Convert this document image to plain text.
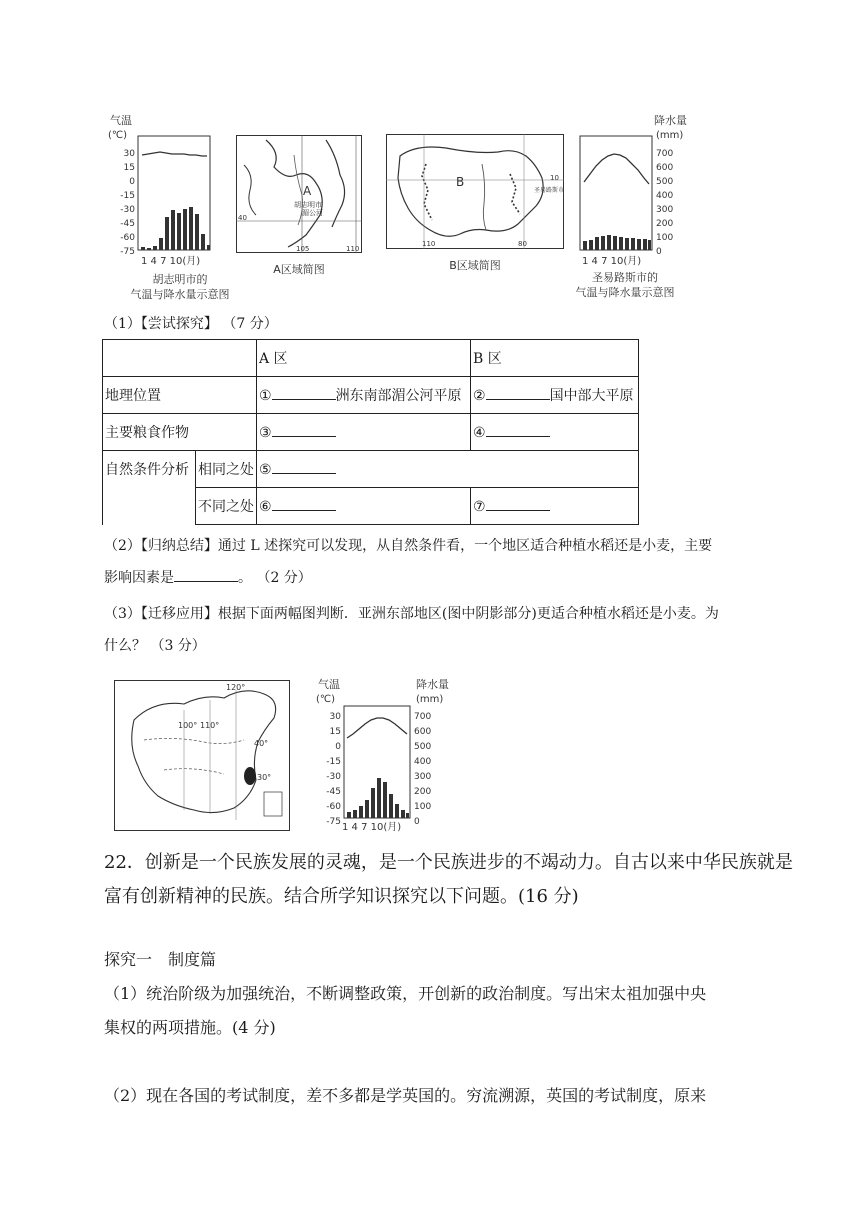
气温
(℃)
30
15
0
-15
-30
-45
-60
-75
1 4 7 10(月)
胡志明市的
气温与降水量示意图
A
胡志明市
湄公河
40
105	110
A区域简图
B
圣易路斯市
10
110	80
B区域简图
降水量
(mm)
700
600
500
400
300
200
100
0
1 4 7 10(月)
圣易路斯市的
气温与降水量示意图
（1）【尝试探究】 （7 分）
		A 区	B 区
地理位置		① 洲东南部湄公河平原	② 国中部大平原
主要粮食作物		③	④
自然条件分析	相同之处	⑤	
	不同之处	⑥	⑦
（2）【归纳总结】通过 L 述探究可以发现，从自然条件看，一个地区适合种植水稻还是小麦，主要
影响因素是	。 （2 分）
（3）【迁移应用】根据下面两幅图判断．亚洲东部地区(图中阴影部分)更适合种植水稻还是小麦。为
什么？ （3 分）
120°
100° 110°
40°
30°
气温
(℃)
降水量
(mm)
30
15
0
-15
-30
-45
-60
-75
700
600
500
400
300
200
100
0
1 4 7 10(月)
22．创新是一个民族发展的灵魂，是一个民族进步的不竭动力。自古以来中华民族就是
富有创新精神的民族。结合所学知识探究以下问题。(16 分)
探究一　制度篇
（1）统治阶级为加强统治，不断调整政策，开创新的政治制度。写出宋太祖加强中央
集权的两项措施。(4 分)
（2）现在各国的考试制度，差不多都是学英国的。穷流溯源，英国的考试制度，原来
